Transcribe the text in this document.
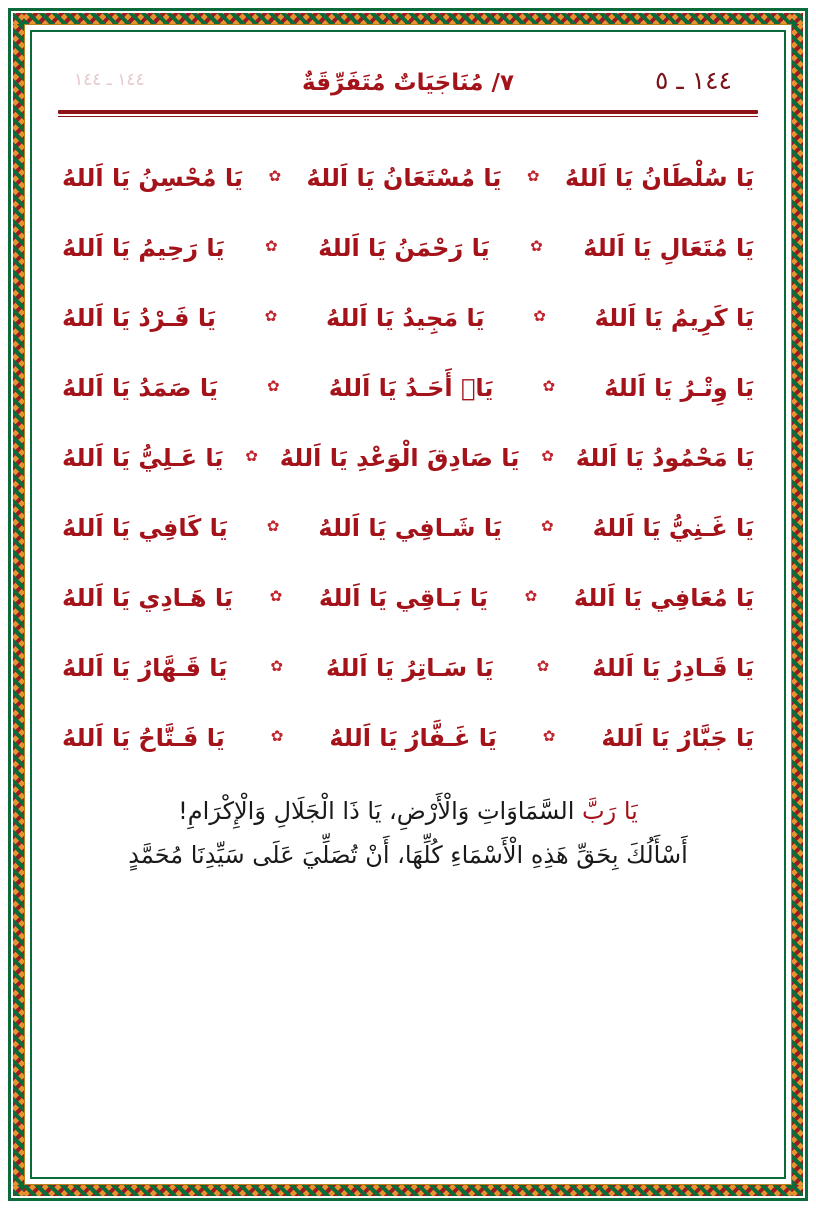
١٤٤ ـ ١٤٤	٧/ مُنَاجَيَاتٌ مُتَفَرِّقَةٌ	١٤٤ ـ ٥
يَا سُلْطَانُ يَا اَللهُ
✿
يَا مُسْتَعَانُ يَا اَللهُ
✿
يَا مُحْسِنُ يَا اَللهُ
يَا مُتَعَالِ يَا اَللهُ
✿
يَا رَحْمَنُ يَا اَللهُ
✿
يَا رَحِيمُ يَا اَللهُ
يَا كَرِيمُ يَا اَللهُ
✿
يَا مَجِيدُ يَا اَللهُ
✿
يَا فَـرْدُ يَا اَللهُ
يَا وِتْـرُ يَا اَللهُ
✿
يَاۤ أَحَـدُ يَا اَللهُ
✿
يَا صَمَدُ يَا اَللهُ
يَا مَحْمُودُ يَا اَللهُ
✿
يَا صَادِقَ الْوَعْدِ يَا اَللهُ
✿
يَا عَـلِيُّ يَا اَللهُ
يَا غَـنِيُّ يَا اَللهُ
✿
يَا شَـافِي يَا اَللهُ
✿
يَا كَافِي يَا اَللهُ
يَا مُعَافِي يَا اَللهُ
✿
يَا بَـاقِي يَا اَللهُ
✿
يَا هَـادِي يَا اَللهُ
يَا قَـادِرُ يَا اَللهُ
✿
يَا سَـاتِرُ يَا اَللهُ
✿
يَا قَـهَّارُ يَا اَللهُ
يَا جَبَّارُ يَا اَللهُ
✿
يَا غَـفَّارُ يَا اَللهُ
✿
يَا فَـتَّاحُ يَا اَللهُ
يَا رَبَّ السَّمَاوَاتِ وَالْأَرْضِ، يَا ذَا الْجَلَالِ وَالْإِكْرَامِ!
أَسْأَلُكَ بِحَقِّ هَذِهِ الْأَسْمَاءِ كُلِّهَا، أَنْ تُصَلِّيَ عَلَى سَيِّدِنَا مُحَمَّدٍ
